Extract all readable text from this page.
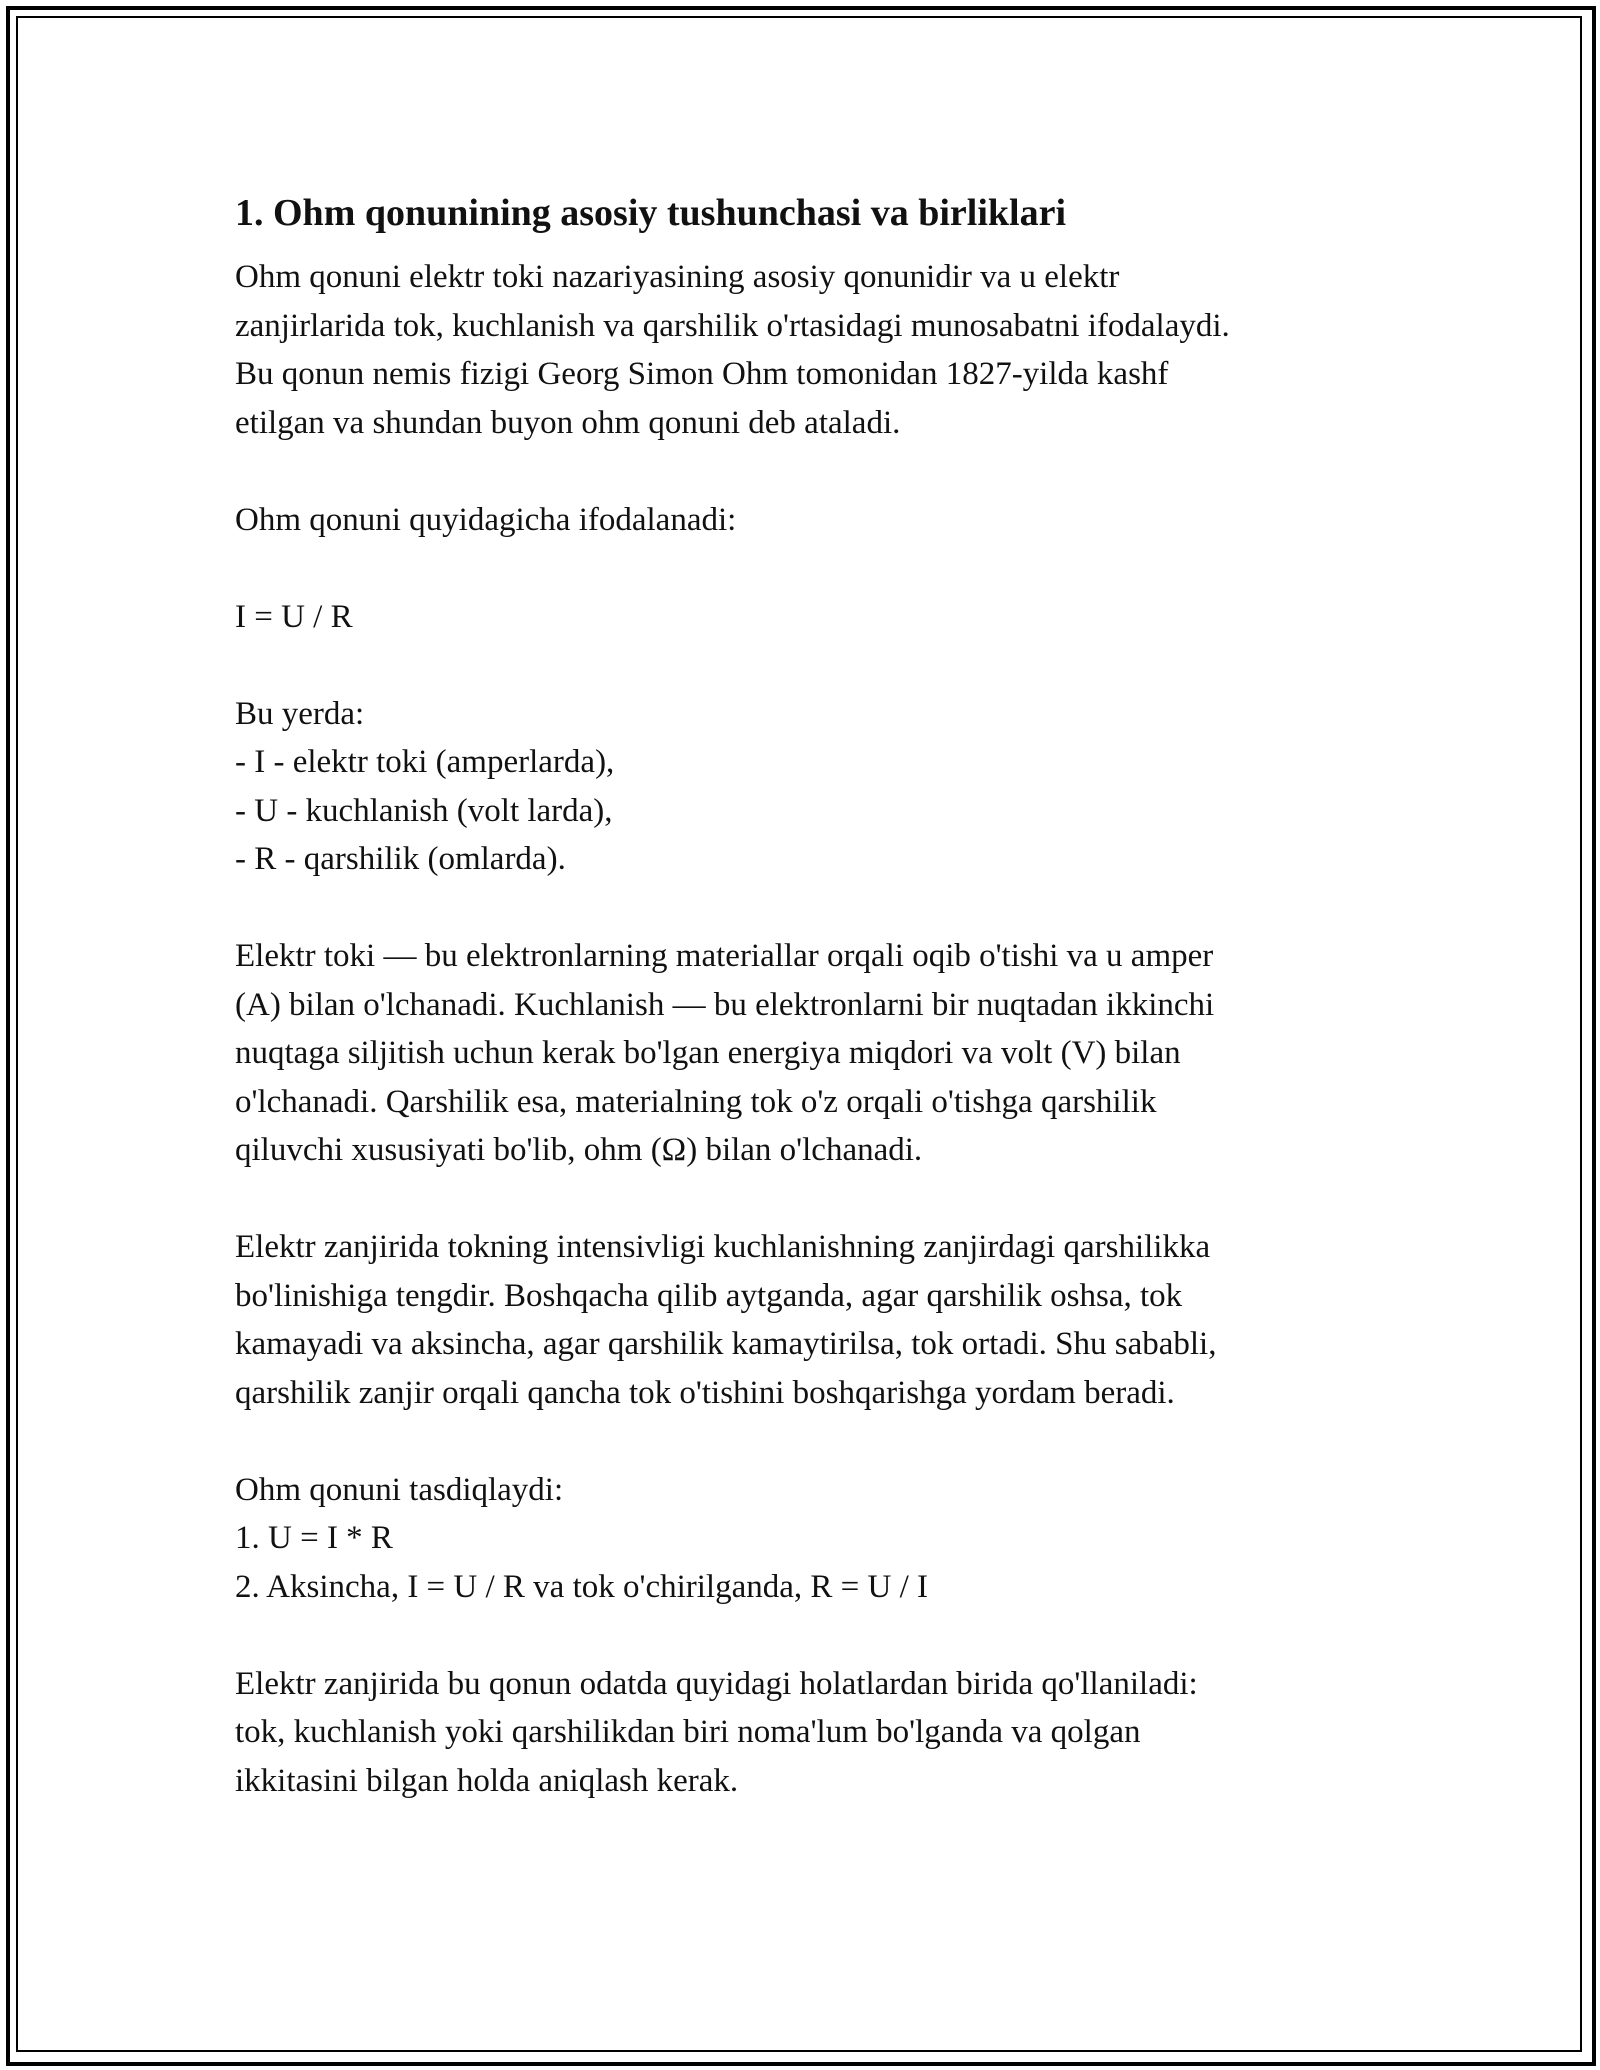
1. Ohm qonunining asosiy tushunchasi va birliklari
Ohm qonuni elektr toki nazariyasining asosiy qonunidir va u elektr
zanjirlarida tok, kuchlanish va qarshilik o'rtasidagi munosabatni ifodalaydi.
Bu qonun nemis fizigi Georg Simon Ohm tomonidan 1827-yilda kashf
etilgan va shundan buyon ohm qonuni deb ataladi.
Ohm qonuni quyidagicha ifodalanadi:
I = U / R
Bu yerda:
- I - elektr toki (amperlarda),
- U - kuchlanish (volt larda),
- R - qarshilik (omlarda).
Elektr toki — bu elektronlarning materiallar orqali oqib o'tishi va u amper
(A) bilan o'lchanadi. Kuchlanish — bu elektronlarni bir nuqtadan ikkinchi
nuqtaga siljitish uchun kerak bo'lgan energiya miqdori va volt (V) bilan
o'lchanadi. Qarshilik esa, materialning tok o'z orqali o'tishga qarshilik
qiluvchi xususiyati bo'lib, ohm (Ω) bilan o'lchanadi.
Elektr zanjirida tokning intensivligi kuchlanishning zanjirdagi qarshilikka
bo'linishiga tengdir. Boshqacha qilib aytganda, agar qarshilik oshsa, tok
kamayadi va aksincha, agar qarshilik kamaytirilsa, tok ortadi. Shu sababli,
qarshilik zanjir orqali qancha tok o'tishini boshqarishga yordam beradi.
Ohm qonuni tasdiqlaydi:
1. U = I * R
2. Aksincha, I = U / R va tok o'chirilganda, R = U / I
Elektr zanjirida bu qonun odatda quyidagi holatlardan birida qo'llaniladi:
tok, kuchlanish yoki qarshilikdan biri noma'lum bo'lganda va qolgan
ikkitasini bilgan holda aniqlash kerak.
